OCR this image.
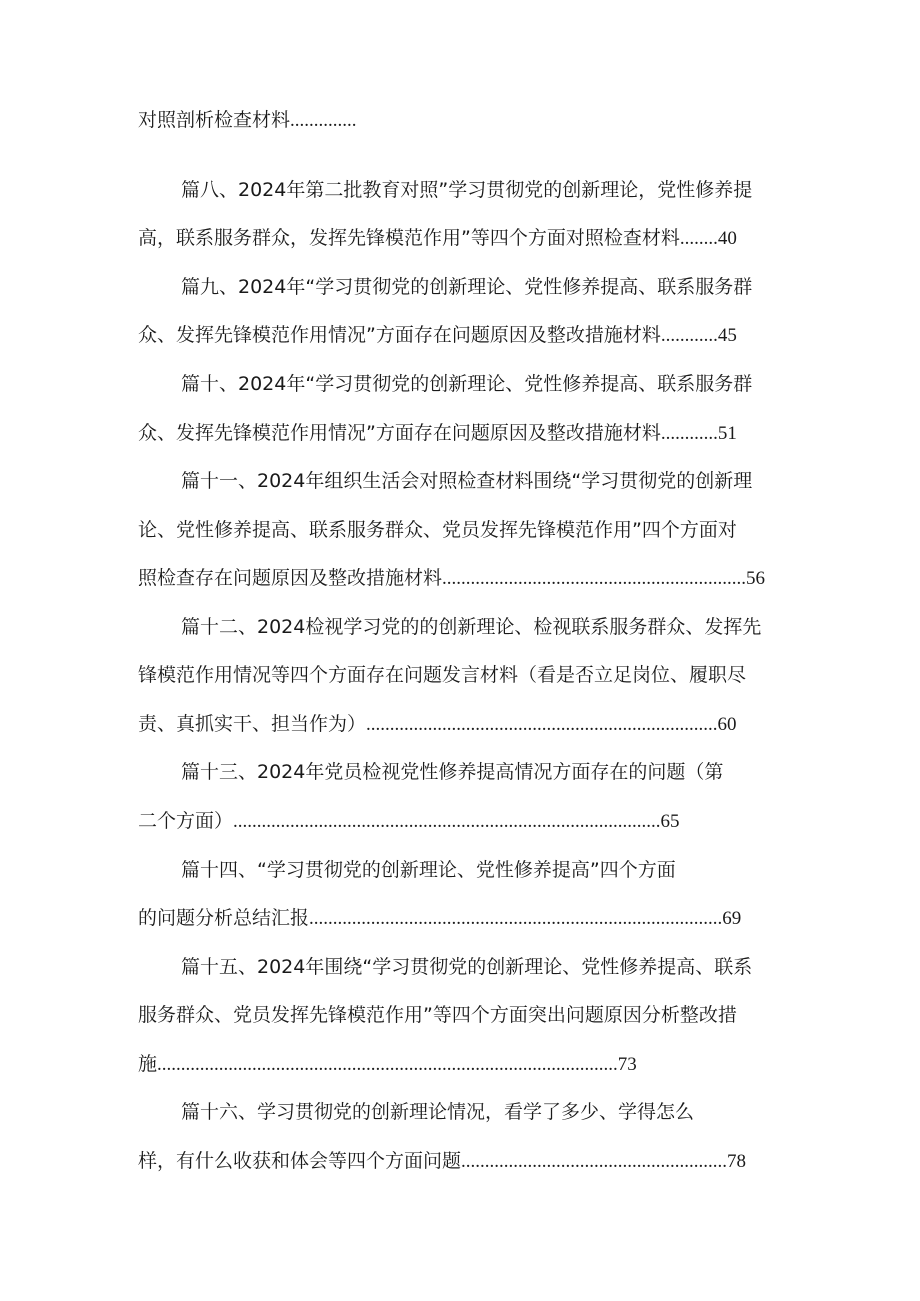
对照剖析检查材料..............
篇八、2024年第二批教育对照”学习贯彻党的创新理论，党性修养提
高，联系服务群众，发挥先锋模范作用”等四个方面对照检查材料........40
篇九、2024年“学习贯彻党的创新理论、党性修养提高、联系服务群
众、发挥先锋模范作用情况”方面存在问题原因及整改措施材料............45
篇十、2024年“学习贯彻党的创新理论、党性修养提高、联系服务群
众、发挥先锋模范作用情况”方面存在问题原因及整改措施材料............51
篇十一、2024年组织生活会对照检查材料围绕“学习贯彻党的创新理
论、党性修养提高、联系服务群众、党员发挥先锋模范作用”四个方面对
照检查存在问题原因及整改措施材料................................................................56
篇十二、2024检视学习党的的创新理论、检视联系服务群众、发挥先
锋模范作用情况等四个方面存在问题发言材料（看是否立足岗位、履职尽
责、真抓实干、担当作为）..........................................................................60
篇十三、2024年党员检视党性修养提高情况方面存在的问题（第
二个方面）..........................................................................................65
篇十四、“学习贯彻党的创新理论、党性修养提高”四个方面
的问题分析总结汇报.......................................................................................69
篇十五、2024年围绕“学习贯彻党的创新理论、党性修养提高、联系
服务群众、党员发挥先锋模范作用”等四个方面突出问题原因分析整改措
施.................................................................................................73
篇十六、学习贯彻党的创新理论情况，看学了多少、学得怎么
样，有什么收获和体会等四个方面问题........................................................78
